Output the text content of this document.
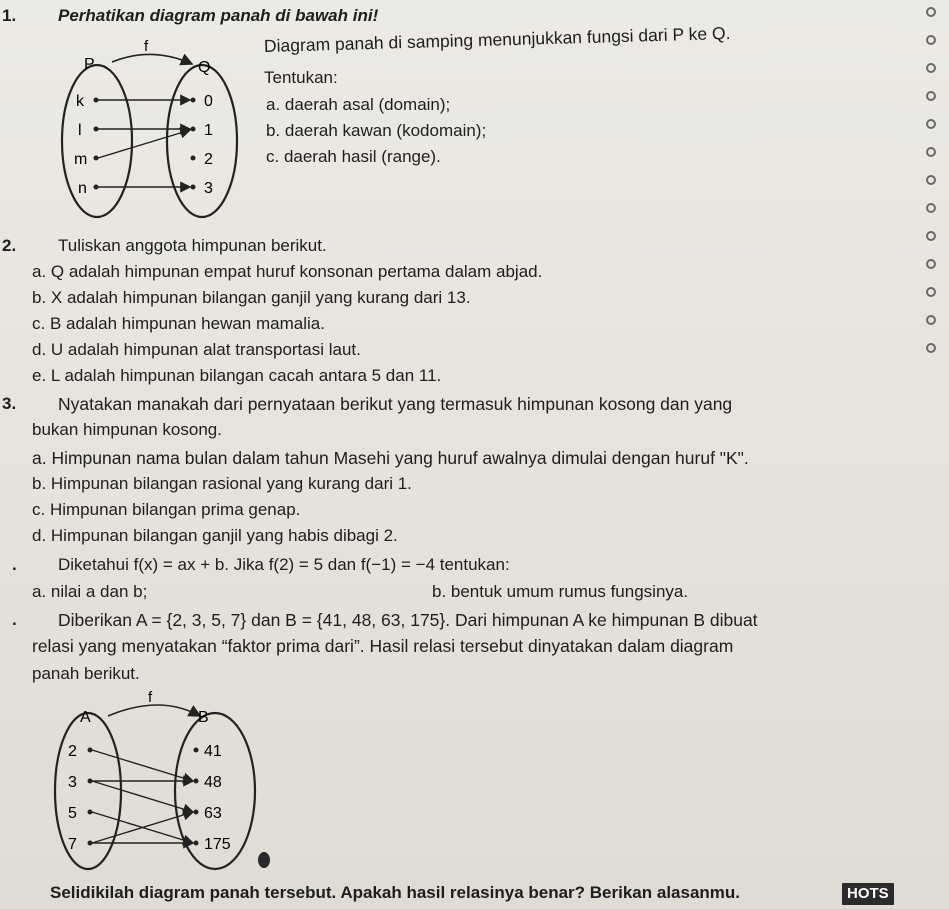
1. Perhatikan diagram panah di bawah ini!
Diagram panah di samping menunjukkan fungsi dari P ke Q.
Tentukan:
a. daerah asal (domain);
b. daerah kawan (kodomain);
c. daerah hasil (range).
f
P	Q
k
l
m
n
0
1
2
3
2. Tuliskan anggota himpunan berikut.
a. Q adalah himpunan empat huruf konsonan pertama dalam abjad.
b. X adalah himpunan bilangan ganjil yang kurang dari 13.
c. B adalah himpunan hewan mamalia.
d. U adalah himpunan alat transportasi laut.
e. L adalah himpunan bilangan cacah antara 5 dan 11.
3. Nyatakan manakah dari pernyataan berikut yang termasuk himpunan kosong dan yang
bukan himpunan kosong.
a. Himpunan nama bulan dalam tahun Masehi yang huruf awalnya dimulai dengan huruf "K".
b. Himpunan bilangan rasional yang kurang dari 1.
c. Himpunan bilangan prima genap.
d. Himpunan bilangan ganjil yang habis dibagi 2.
. Diketahui f(x) = ax + b. Jika f(2) = 5 dan f(−1) = −4 tentukan:
a. nilai a dan b;	b. bentuk umum rumus fungsinya.
. Diberikan A = {2, 3, 5, 7} dan B = {41, 48, 63, 175}. Dari himpunan A ke himpunan B dibuat
relasi yang menyatakan “faktor prima dari”. Hasil relasi tersebut dinyatakan dalam diagram
panah berikut.
f
A	B
2
3
5
7
41
48
63
175
Selidikilah diagram panah tersebut. Apakah hasil relasinya benar? Berikan alasanmu.	HOTS
